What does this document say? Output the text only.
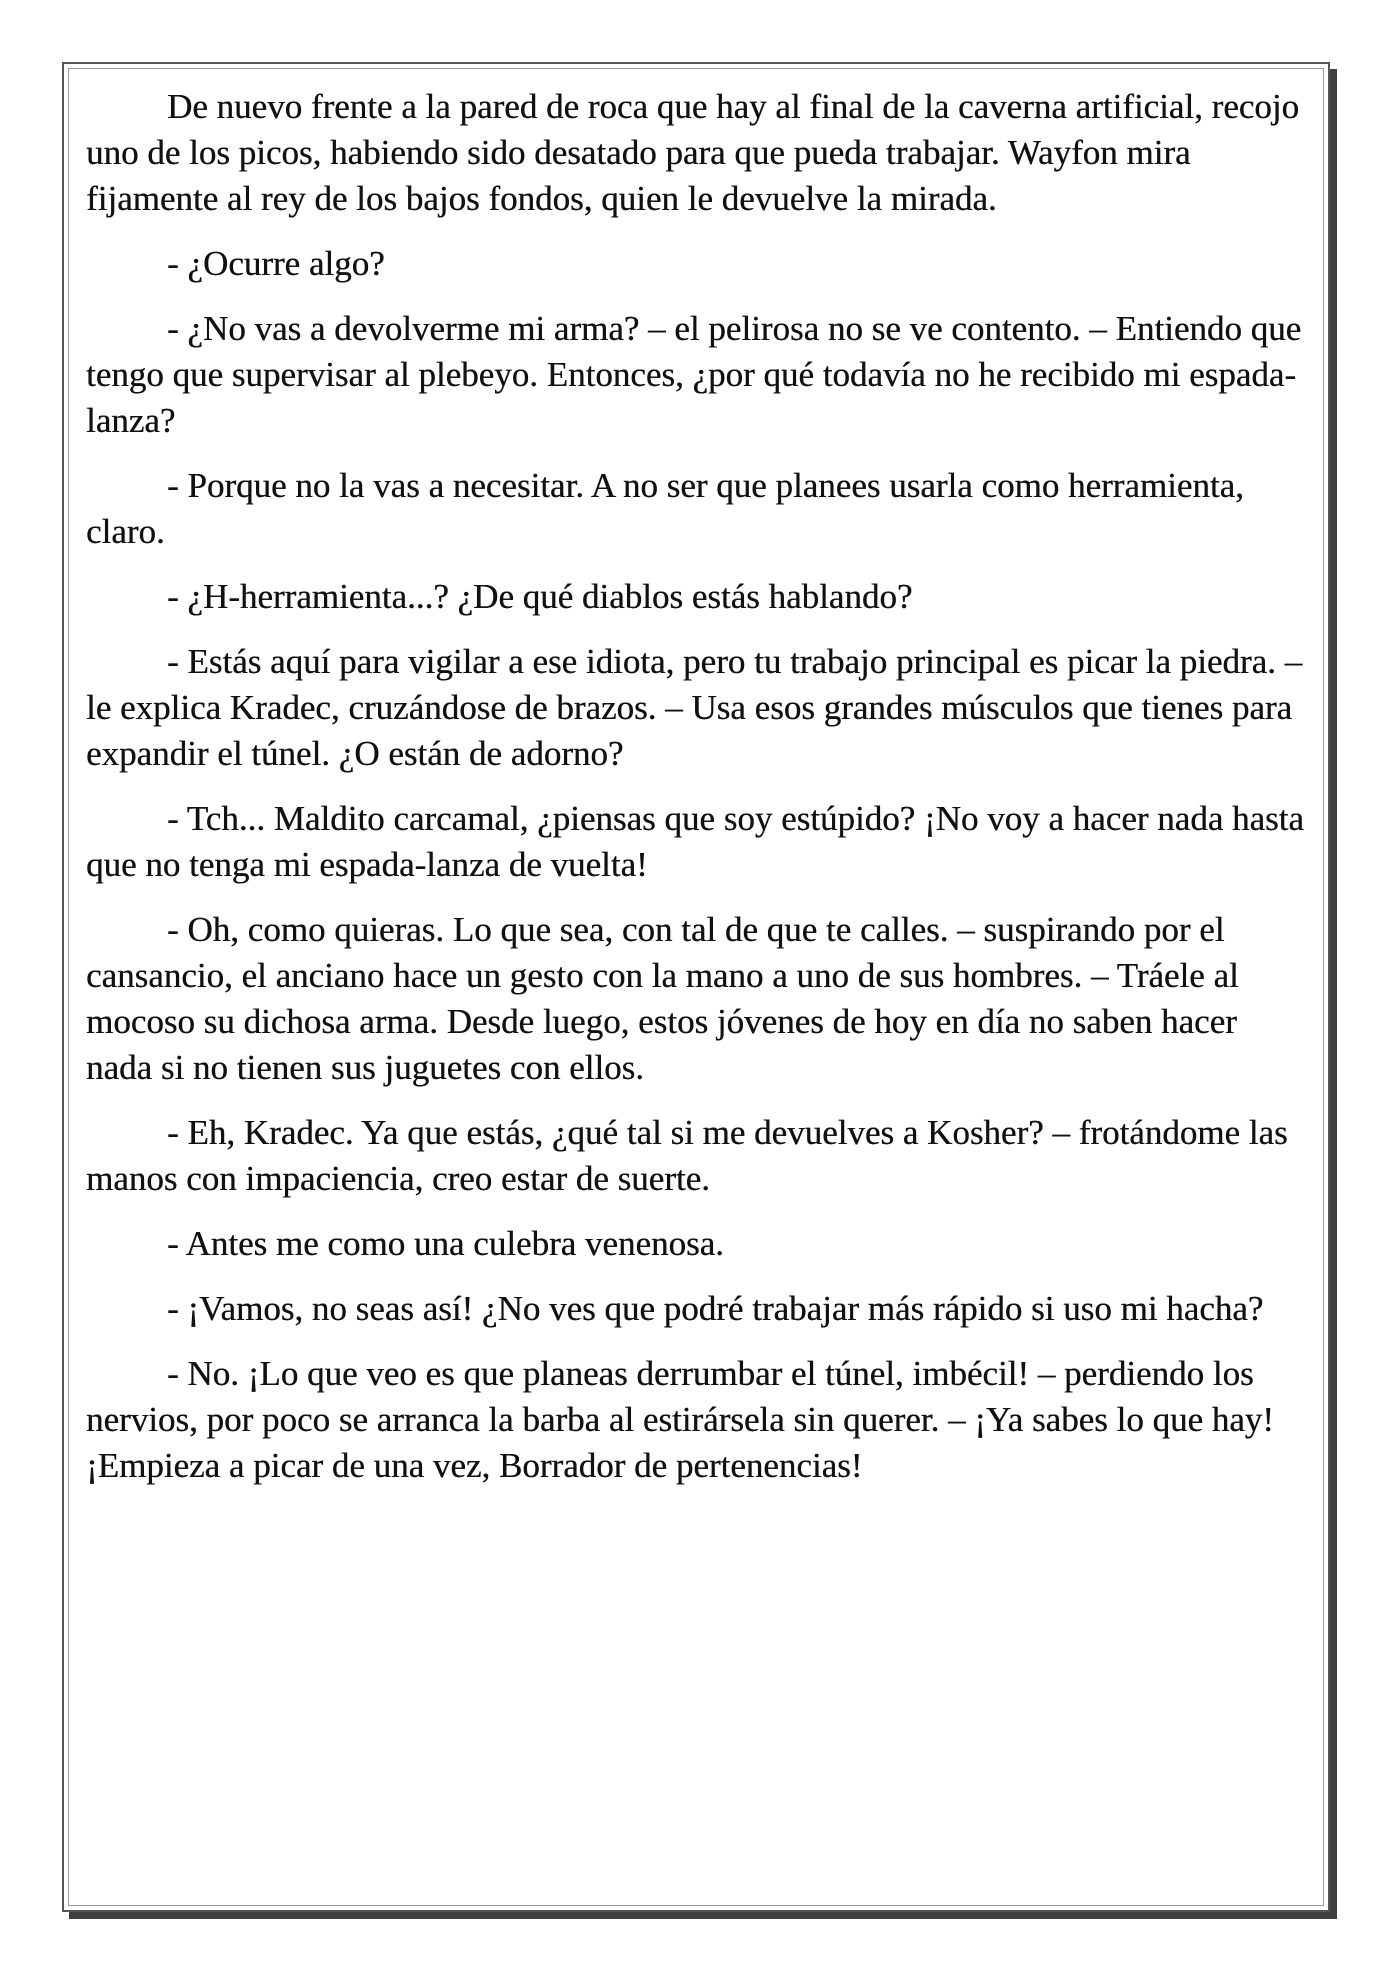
De nuevo frente a la pared de roca que hay al final de la caverna artificial, recojo uno de los picos, habiendo sido desatado para que pueda trabajar. Wayfon mira fijamente al rey de los bajos fondos, quien le devuelve la mirada.

- ¿Ocurre algo?

- ¿No vas a devolverme mi arma? – el pelirosa no se ve contento. – Entiendo que tengo que supervisar al plebeyo. Entonces, ¿por qué todavía no he recibido mi espada-lanza?

- Porque no la vas a necesitar. A no ser que planees usarla como herramienta, claro.

- ¿H-herramienta...? ¿De qué diablos estás hablando?

- Estás aquí para vigilar a ese idiota, pero tu trabajo principal es picar la piedra. – le explica Kradec, cruzándose de brazos. – Usa esos grandes músculos que tienes para expandir el túnel. ¿O están de adorno?

- Tch... Maldito carcamal, ¿piensas que soy estúpido? ¡No voy a hacer nada hasta que no tenga mi espada-lanza de vuelta!

- Oh, como quieras. Lo que sea, con tal de que te calles. – suspirando por el cansancio, el anciano hace un gesto con la mano a uno de sus hombres. – Tráele al mocoso su dichosa arma. Desde luego, estos jóvenes de hoy en día no saben hacer nada si no tienen sus juguetes con ellos.

- Eh, Kradec. Ya que estás, ¿qué tal si me devuelves a Kosher? – frotándome las manos con impaciencia, creo estar de suerte.

- Antes me como una culebra venenosa.

- ¡Vamos, no seas así! ¿No ves que podré trabajar más rápido si uso mi hacha?

- No. ¡Lo que veo es que planeas derrumbar el túnel, imbécil! – perdiendo los nervios, por poco se arranca la barba al estirársela sin querer. – ¡Ya sabes lo que hay! ¡Empieza a picar de una vez, Borrador de pertenencias!
